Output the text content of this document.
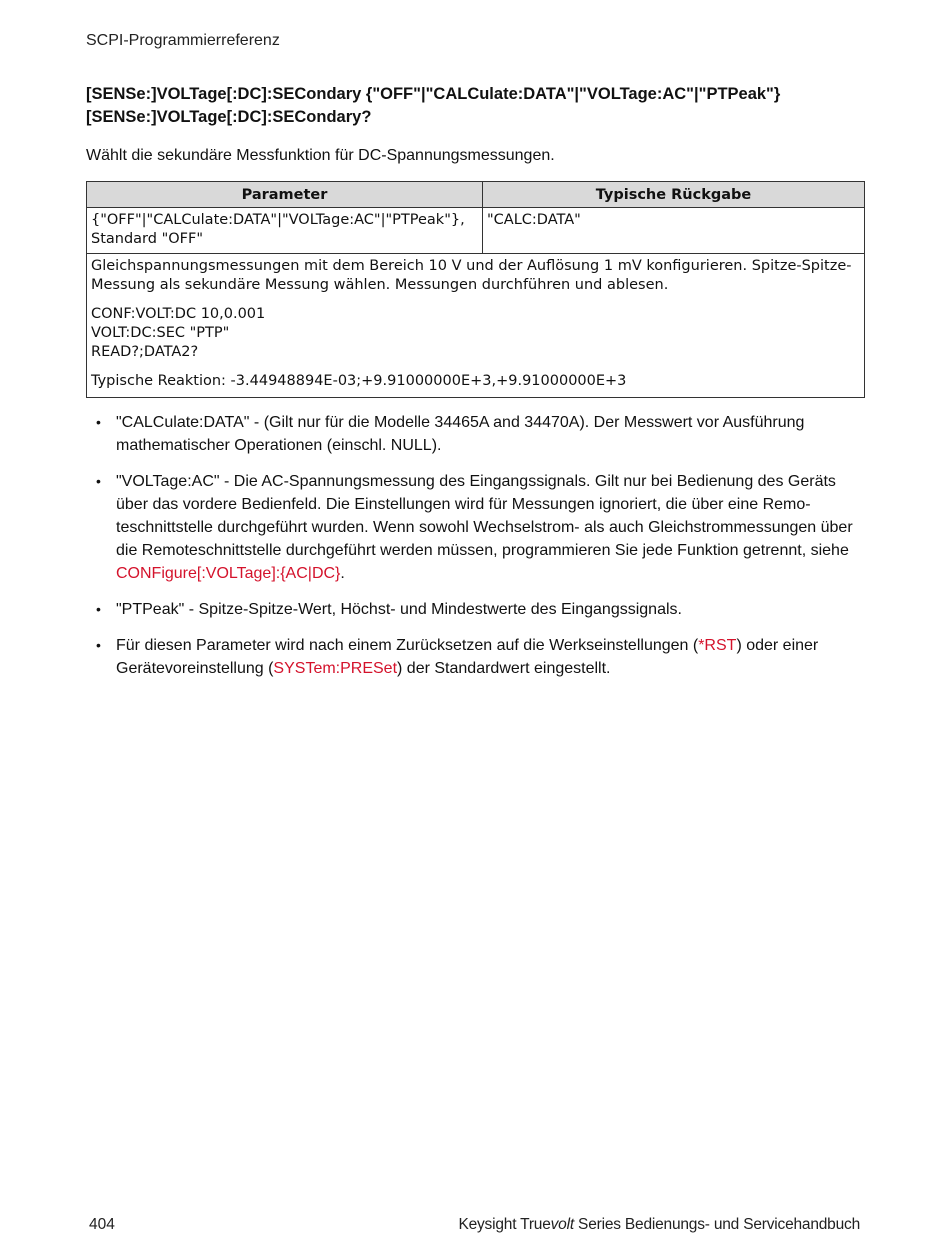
SCPI-Programmierreferenz
[SENSe:]VOLTage[:DC]:SECondary {"OFF"|"CALCulate:DATA"|"VOLTage:AC"|"PTPeak"}
[SENSe:]VOLTage[:DC]:SECondary?
Wählt die sekundäre Messfunktion für DC-Spannungsmessungen.
Parameter	Typische Rückgabe

{"OFF"|"CALCulate:DATA"|"VOLTage:AC"|"PTPeak"},
Standard "OFF"	"CALC:DATA"

Gleichspannungsmessungen mit dem Bereich 10 V und der Auflösung 1 mV konfigurieren. Spitze-Spitze-Messung als sekundäre Messung wählen. Messungen durchführen und ablesen.

CONF:VOLT:DC 10,0.001
VOLT:DC:SEC "PTP"
READ?;DATA2?

Typische Reaktion: -3.44948894E-03;+9.91000000E+3,+9.91000000E+3	

• "CALCulate:DATA" - (Gilt nur für die Modelle 34465A and 34470A). Der Messwert vor Ausführung mathematischer Operationen (einschl. NULL).
• "VOLTage:AC" - Die AC-Spannungsmessung des Eingangssignals. Gilt nur bei Bedienung des Geräts über das vordere Bedienfeld. Die Einstellungen wird für Messungen ignoriert, die über eine Remo-teschnittstelle durchgeführt wurden. Wenn sowohl Wechselstrom- als auch Gleichstrommessungen über die Remoteschnittstelle durchgeführt werden müssen, programmieren Sie jede Funktion getrennt, siehe CONFigure[:VOLTage]:{AC|DC}.
• "PTPeak" - Spitze-Spitze-Wert, Höchst- und Mindestwerte des Eingangssignals.
• Für diesen Parameter wird nach einem Zurücksetzen auf die Werkseinstellungen (*RST) oder einer Gerätevoreinstellung (SYSTem:PRESet) der Standardwert eingestellt.
404	Keysight Truevolt Series Bedienungs- und Servicehandbuch
